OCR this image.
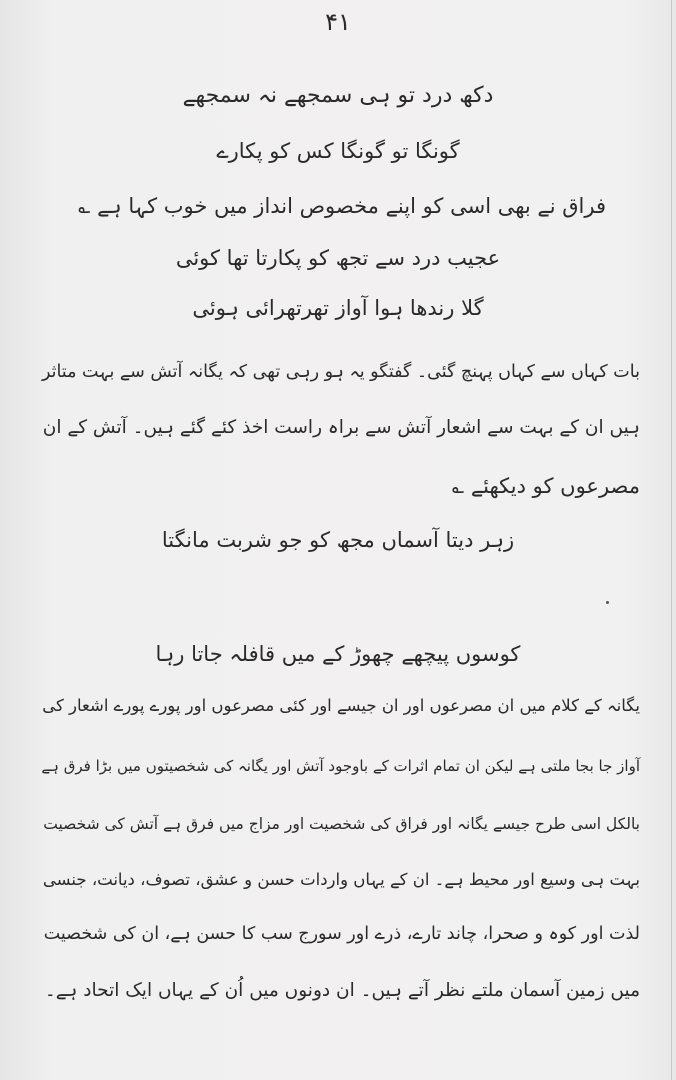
۴۱
دکھ درد تو ہی سمجھے نہ سمجھے
گونگا تو گونگا کس کو پکارے
فراق نے بھی اسی کو اپنے مخصوص انداز میں خوب کہا ہے ؎
عجیب درد سے تجھ کو پکارتا تھا کوئی
گلا رندھا ہوا آواز تھرتھرائی ہوئی
بات کہاں سے کہاں پہنچ گئی۔ گفتگو یہ ہو رہی تھی کہ یگانہ آتش سے بہت متاثر
ہیں ان کے بہت سے اشعار آتش سے براہ راست اخذ کئے گئے ہیں۔ آتش کے ان
مصرعوں کو دیکھئے ؎
زہر دیتا آسماں مجھ کو جو شربت مانگتا
کوسوں پیچھے چھوڑ کے میں قافلہ جاتا رہا
یگانہ کے کلام میں ان مصرعوں اور ان جیسے اور کئی مصرعوں اور پورے پورے اشعار کی
آواز جا بجا ملتی ہے لیکن ان تمام اثرات کے باوجود آتش اور یگانہ کی شخصیتوں میں بڑا فرق ہے
بالکل اسی طرح جیسے یگانہ اور فراق کی شخصیت اور مزاج میں فرق ہے آتش کی شخصیت
بہت ہی وسیع اور محیط ہے۔ ان کے یہاں واردات حسن و عشق، تصوف، دیانت، جنسی
لذت اور کوہ و صحرا، چاند تارے، ذرے اور سورج سب کا حسن ہے، ان کی شخصیت
میں زمین آسمان ملتے نظر آتے ہیں۔ ان دونوں میں اُن کے یہاں ایک اتحاد ہے۔
